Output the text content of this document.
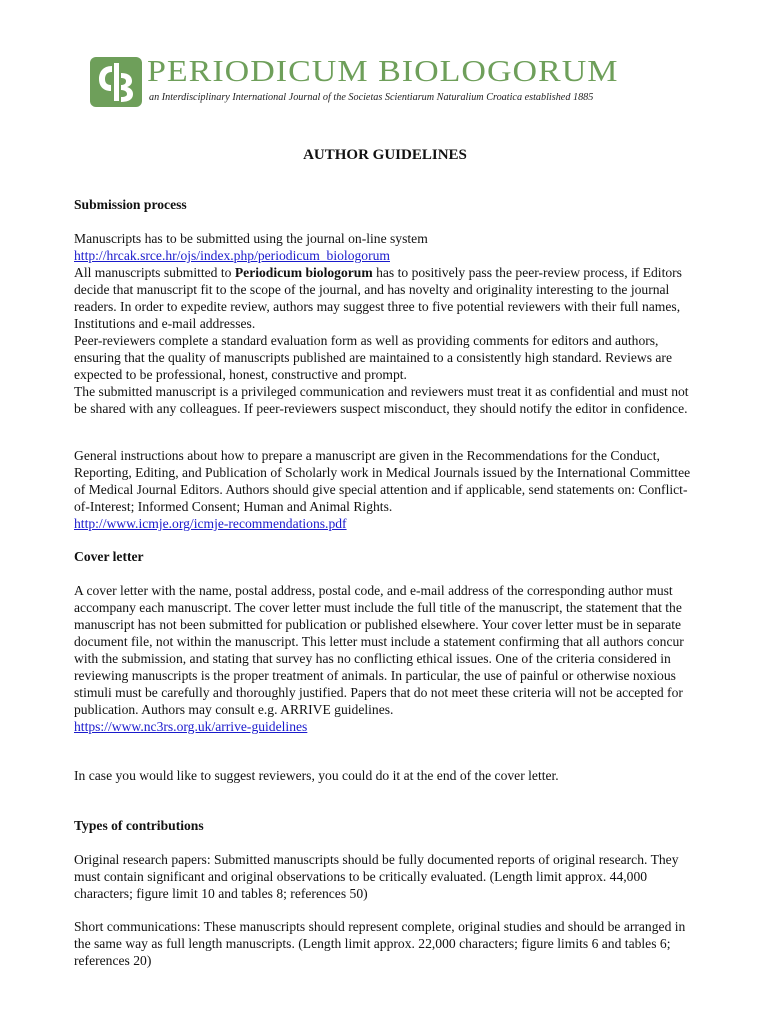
PERIODICUM BIOLOGORUM
an Interdisciplinary International Journal of the Societas Scientiarum Naturalium Croatica established 1885
AUTHOR GUIDELINES
Submission process

Manuscripts has to be submitted using the journal on-line system
http://hrcak.srce.hr/ojs/index.php/periodicum_biologorum
All manuscripts submitted to Periodicum biologorum has to positively pass the peer-review process, if Editors decide that manuscript fit to the scope of the journal, and has novelty and originality interesting to the journal readers. In order to expedite review, authors may suggest three to five potential reviewers with their full names, Institutions and e-mail addresses.
Peer-reviewers complete a standard evaluation form as well as providing comments for editors and authors, ensuring that the quality of manuscripts published are maintained to a consistently high standard. Reviews are expected to be professional, honest, constructive and prompt.
The submitted manuscript is a privileged communication and reviewers must treat it as confidential and must not be shared with any colleagues. If peer-reviewers suspect misconduct, they should notify the editor in confidence.

General instructions about how to prepare a manuscript are given in the Recommendations for the Conduct, Reporting, Editing, and Publication of Scholarly work in Medical Journals issued by the International Committee of Medical Journal Editors. Authors should give special attention and if applicable, send statements on: Conflict-of-Interest; Informed Consent; Human and Animal Rights.
http://www.icmje.org/icmje-recommendations.pdf

Cover letter

A cover letter with the name, postal address, postal code, and e-mail address of the corresponding author must accompany each manuscript. The cover letter must include the full title of the manuscript, the statement that the manuscript has not been submitted for publication or published elsewhere. Your cover letter must be in separate document file, not within the manuscript. This letter must include a statement confirming that all authors concur with the submission, and stating that survey has no conflicting ethical issues. One of the criteria considered in reviewing manuscripts is the proper treatment of animals. In particular, the use of painful or otherwise noxious stimuli must be carefully and thoroughly justified. Papers that do not meet these criteria will not be accepted for publication. Authors may consult e.g. ARRIVE guidelines.
https://www.nc3rs.org.uk/arrive-guidelines

In case you would like to suggest reviewers, you could do it at the end of the cover letter.

Types of contributions

Original research papers: Submitted manuscripts should be fully documented reports of original research. They must contain significant and original observations to be critically evaluated. (Length limit approx. 44,000 characters; figure limit 10 and tables 8; references 50)

Short communications: These manuscripts should represent complete, original studies and should be arranged in the same way as full length manuscripts. (Length limit approx. 22,000 characters; figure limits 6 and tables 6; references 20)
